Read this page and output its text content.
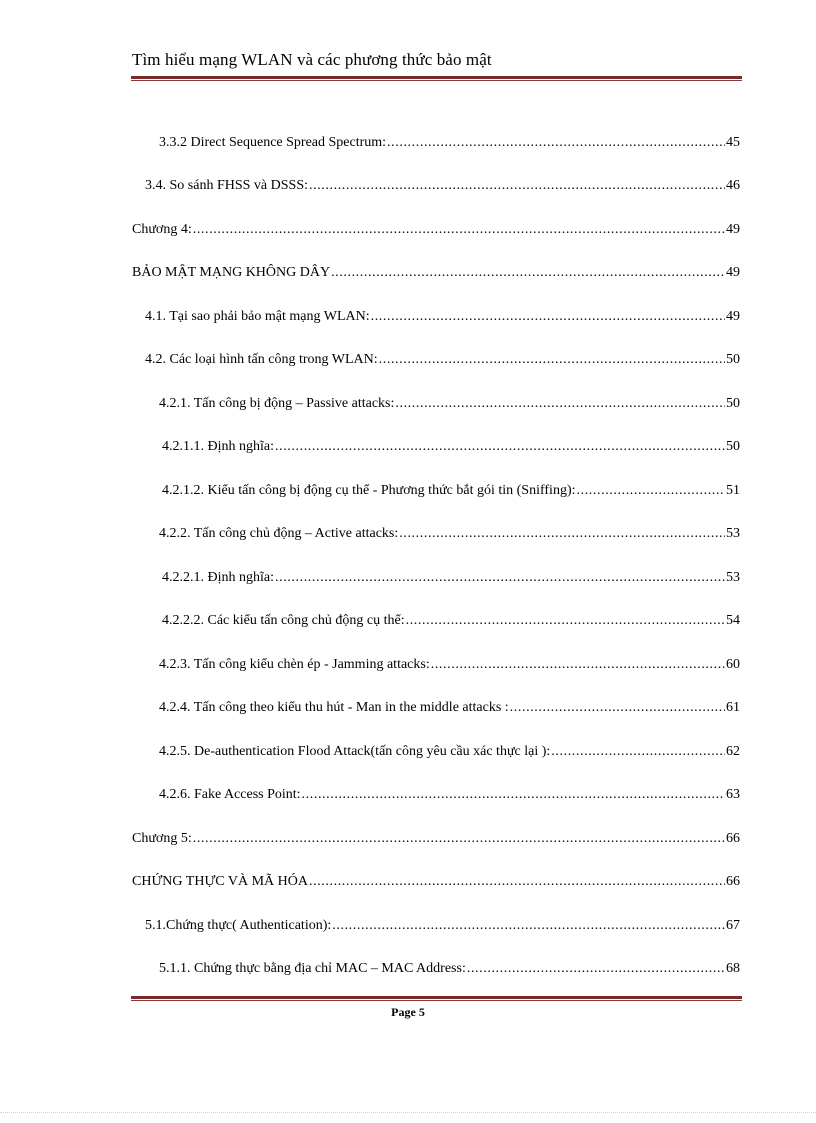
Tìm hiểu mạng WLAN và các phương thức bảo mật
3.3.2 Direct Sequence Spread Spectrum: .....	45
3.4. So sánh FHSS và DSSS: .....	46
Chương 4: .....	49
BẢO MẬT MẠNG KHÔNG DÂY .....	49
4.1. Tại sao phải bảo mật mạng WLAN: .....	49
4.2. Các loại hình tấn công trong WLAN: .....	50
4.2.1. Tấn công bị động – Passive attacks: .....	50
4.2.1.1. Định nghĩa: .....	50
4.2.1.2. Kiểu tấn công bị động cụ thể - Phương thức bắt gói tin (Sniffing): .....	51
4.2.2. Tấn công chủ động – Active attacks: .....	53
4.2.2.1. Định nghĩa: .....	53
4.2.2.2. Các kiểu tấn công chủ động cụ thể: .....	54
4.2.3. Tấn công kiểu chèn ép - Jamming attacks: .....	60
4.2.4. Tấn công theo kiểu thu hút - Man in the middle attacks : .....	61
4.2.5. De-authentication Flood Attack(tấn công yêu cầu xác thực lại ): .....	62
4.2.6. Fake Access Point: .....	63
Chương 5: .....	66
CHỨNG THỰC VÀ MÃ HÓA .....	66
5.1.Chứng thực( Authentication): .....	67
5.1.1. Chứng thực bằng địa chỉ MAC – MAC Address: .....	68
Page 5
